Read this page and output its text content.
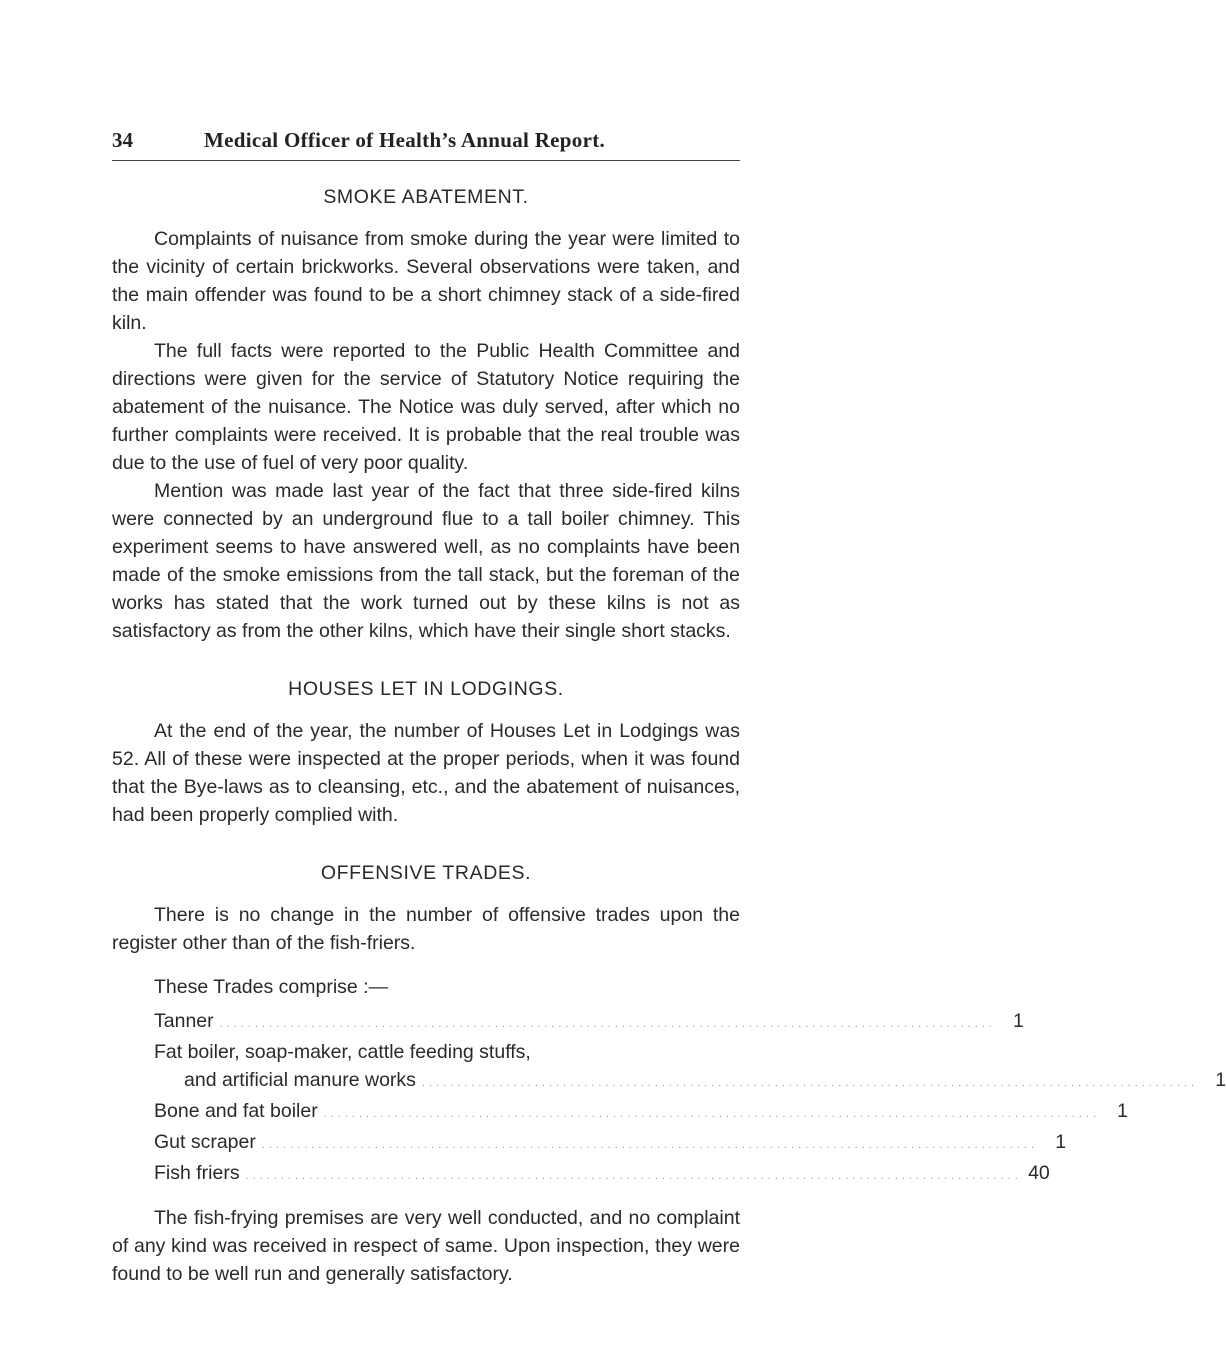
34	Medical Officer of Health’s Annual Report.
SMOKE ABATEMENT.

Complaints of nuisance from smoke during the year were limited to the vicinity of certain brickworks. Several observations were taken, and the main offender was found to be a short chimney stack of a side-fired kiln.

The full facts were reported to the Public Health Committee and directions were given for the service of Statutory Notice requiring the abatement of the nuisance. The Notice was duly served, after which no further complaints were received. It is probable that the real trouble was due to the use of fuel of very poor quality.

Mention was made last year of the fact that three side-fired kilns were connected by an underground flue to a tall boiler chimney. This experiment seems to have answered well, as no complaints have been made of the smoke emissions from the tall stack, but the foreman of the works has stated that the work turned out by these kilns is not as satisfactory as from the other kilns, which have their single short stacks.

HOUSES LET IN LODGINGS.

At the end of the year, the number of Houses Let in Lodgings was 52. All of these were inspected at the proper periods, when it was found that the Bye-laws as to cleansing, etc., and the abatement of nuisances, had been properly complied with.

OFFENSIVE TRADES.

There is no change in the number of offensive trades upon the register other than of the fish-friers.

These Trades comprise :—

Tanner .............................................................................................................. 1
Fat boiler, soap-maker, cattle feeding stuffs,
and artificial manure works .............................................................................................................. 1
Bone and fat boiler .............................................................................................................. 1
Gut scraper .............................................................................................................. 1
Fish friers .............................................................................................................. 40

The fish-frying premises are very well conducted, and no complaint of any kind was received in respect of same. Upon inspection, they were found to be well run and generally satisfactory.
